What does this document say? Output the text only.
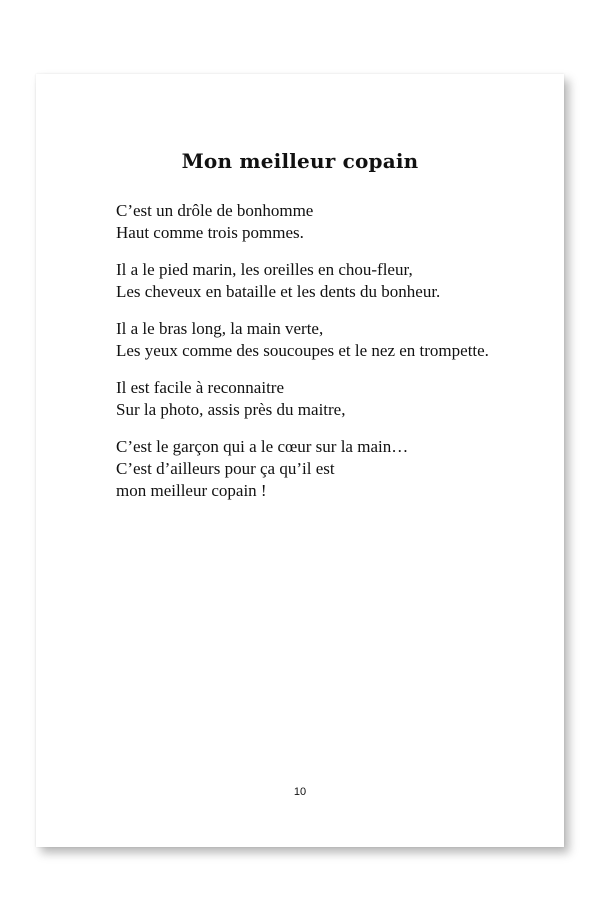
Mon meilleur copain
C’est un drôle de bonhomme
Haut comme trois pommes.
Il a le pied marin, les oreilles en chou-fleur,
Les cheveux en bataille et les dents du bonheur.
Il a le bras long, la main verte,
Les yeux comme des soucoupes et le nez en trompette.
Il est facile à reconnaitre
Sur la photo, assis près du maitre,
C’est le garçon qui a le cœur sur la main…
C’est d’ailleurs pour ça qu’il est
mon meilleur copain !
10
